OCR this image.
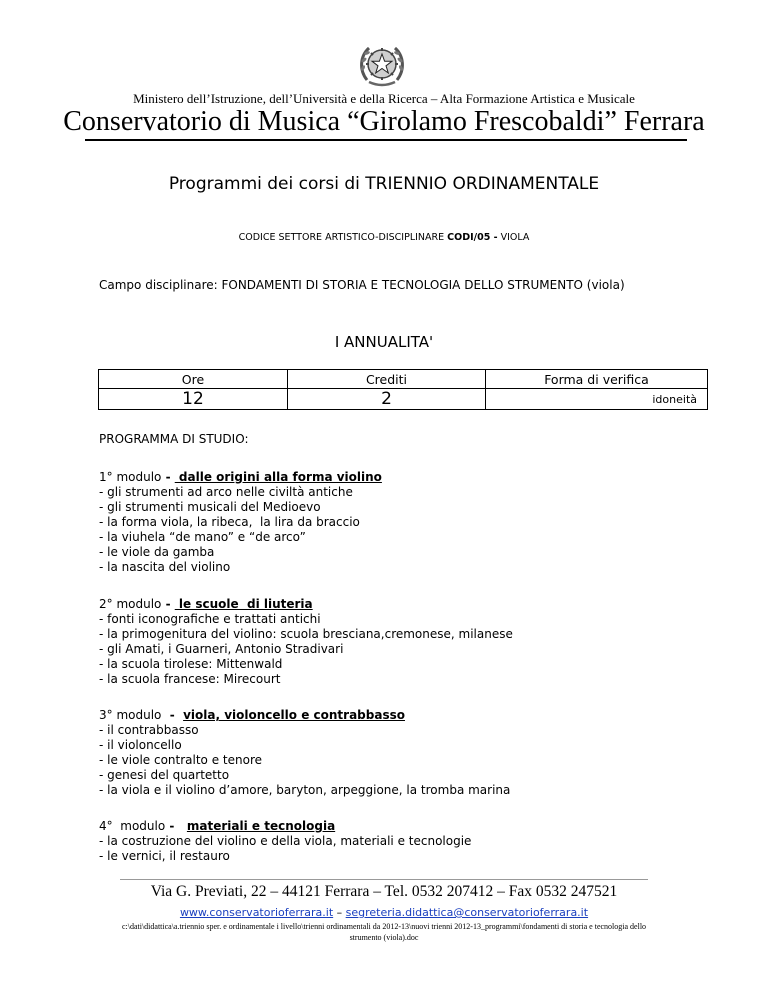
Ministero dell’Istruzione, dell’Università e della Ricerca – Alta Formazione Artistica e Musicale
Conservatorio di Musica “Girolamo Frescobaldi” Ferrara
Programmi dei corsi di TRIENNIO ORDINAMENTALE
CODICE SETTORE ARTISTICO-DISCIPLINARE CODI/05 - VIOLA
Campo disciplinare: FONDAMENTI DI STORIA E TECNOLOGIA DELLO STRUMENTO (viola)
I ANNUALITA'
Ore	Crediti	Forma di verifica
12	2	idoneità
PROGRAMMA DI STUDIO:
1° modulo -  dalle origini alla forma violino
- gli strumenti ad arco nelle civiltà antiche
- gli strumenti musicali del Medioevo
- la forma viola, la ribeca,  la lira da braccio
- la viuhela “de mano” e “de arco”
- le viole da gamba
- la nascita del violino
2° modulo -  le scuole  di liuteria
- fonti iconografiche e trattati antichi
- la primogenitura del violino: scuola bresciana,cremonese, milanese
- gli Amati, i Guarneri, Antonio Stradivari
- la scuola tirolese: Mittenwald
- la scuola francese: Mirecourt
3° modulo  -  viola, violoncello e contrabbasso
- il contrabbasso
- il violoncello
- le viole contralto e tenore
- genesi del quartetto
- la viola e il violino d’amore, baryton, arpeggione, la tromba marina
4°  modulo -   materiali e tecnologia
- la costruzione del violino e della viola, materiali e tecnologie
- le vernici, il restauro
Via G. Previati, 22 – 44121 Ferrara – Tel. 0532 207412 – Fax 0532 247521
www.conservatorioferrara.it – segreteria.didattica@conservatorioferrara.it
c:\dati\didattica\a.triennio sper. e ordinamentale i livello\trienni ordinamentali da 2012-13\nuovi trienni 2012-13_programmi\fondamenti di storia e tecnologia dello strumento (viola).doc
